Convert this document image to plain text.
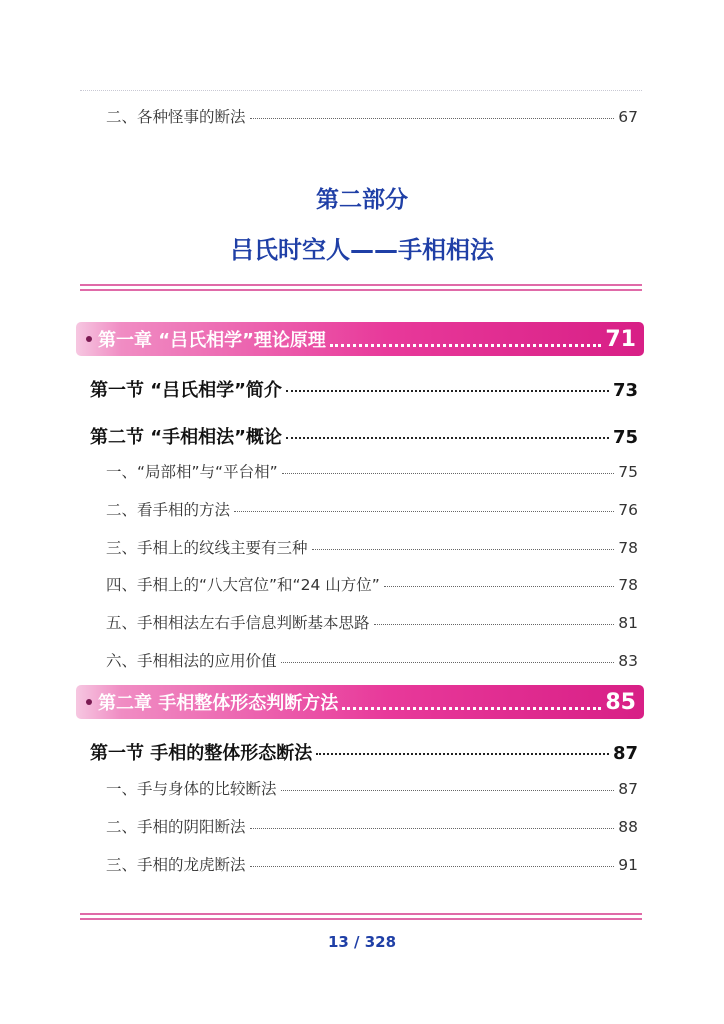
二、各种怪事的断法	67
第二部分
吕氏时空人——手相相法
第一章 “吕氏相学”理论原理	71
第一节 “吕氏相学”简介	73
第二节 “手相相法”概论	75
一、“局部相”与“平台相”	75
二、看手相的方法	76
三、手相上的纹线主要有三种	78
四、手相上的“八大宫位”和“24 山方位”	78
五、手相相法左右手信息判断基本思路	81
六、手相相法的应用价值	83
第二章 手相整体形态判断方法	85
第一节 手相的整体形态断法	87
一、手与身体的比较断法	87
二、手相的阴阳断法	88
三、手相的龙虎断法	91
13 / 328
